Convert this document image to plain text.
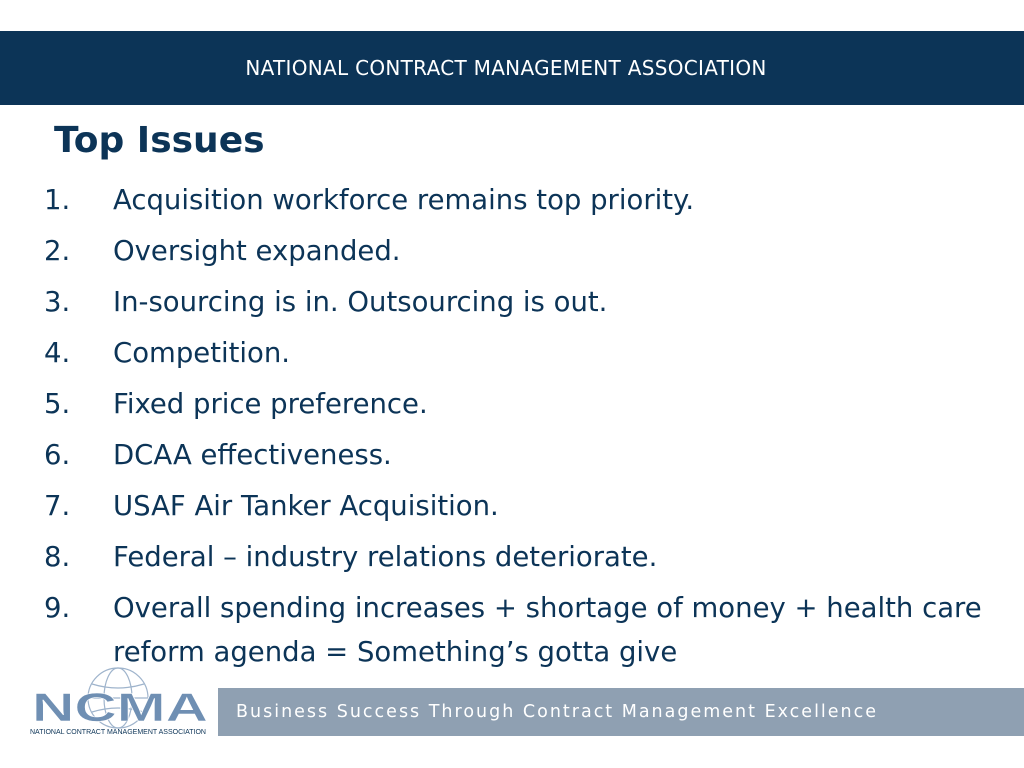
NATIONAL CONTRACT MANAGEMENT ASSOCIATION
Top Issues
1. Acquisition workforce remains top priority.
2. Oversight expanded.
3. In-sourcing is in. Outsourcing is out.
4. Competition.
5. Fixed price preference.
6. DCAA effectiveness.
7. USAF Air Tanker Acquisition.
8. Federal – industry relations deteriorate.
9. Overall spending increases + shortage of money + health care reform agenda = Something’s gotta give
NCMA
NATIONAL CONTRACT MANAGEMENT ASSOCIATION
Business Success Through Contract Management Excellence
